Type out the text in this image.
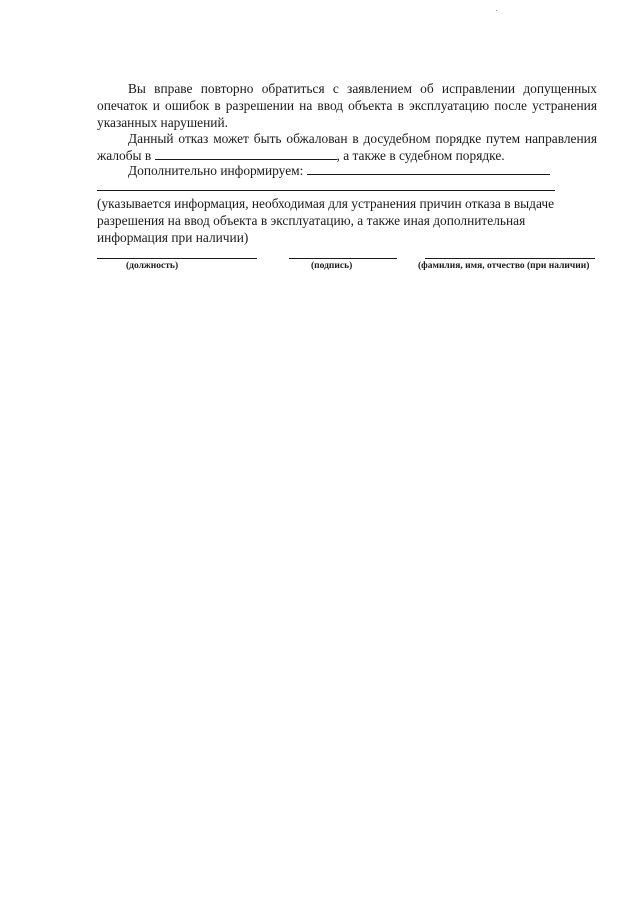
Вы вправе повторно обратиться с заявлением об исправлении допущенных опечаток и ошибок в разрешении на ввод объекта в эксплуатацию после устранения указанных нарушений.

Данный отказ может быть обжалован в досудебном порядке путем направления жалобы в	, а также в судебном порядке.

Дополнительно информируем:

(указывается информация, необходимая для устранения причин отказа в выдаче разрешения на ввод объекта в эксплуатацию, а также иная дополнительная информация при наличии)

(должность)	(подпись)	(фамилия, имя, отчество (при наличии)
